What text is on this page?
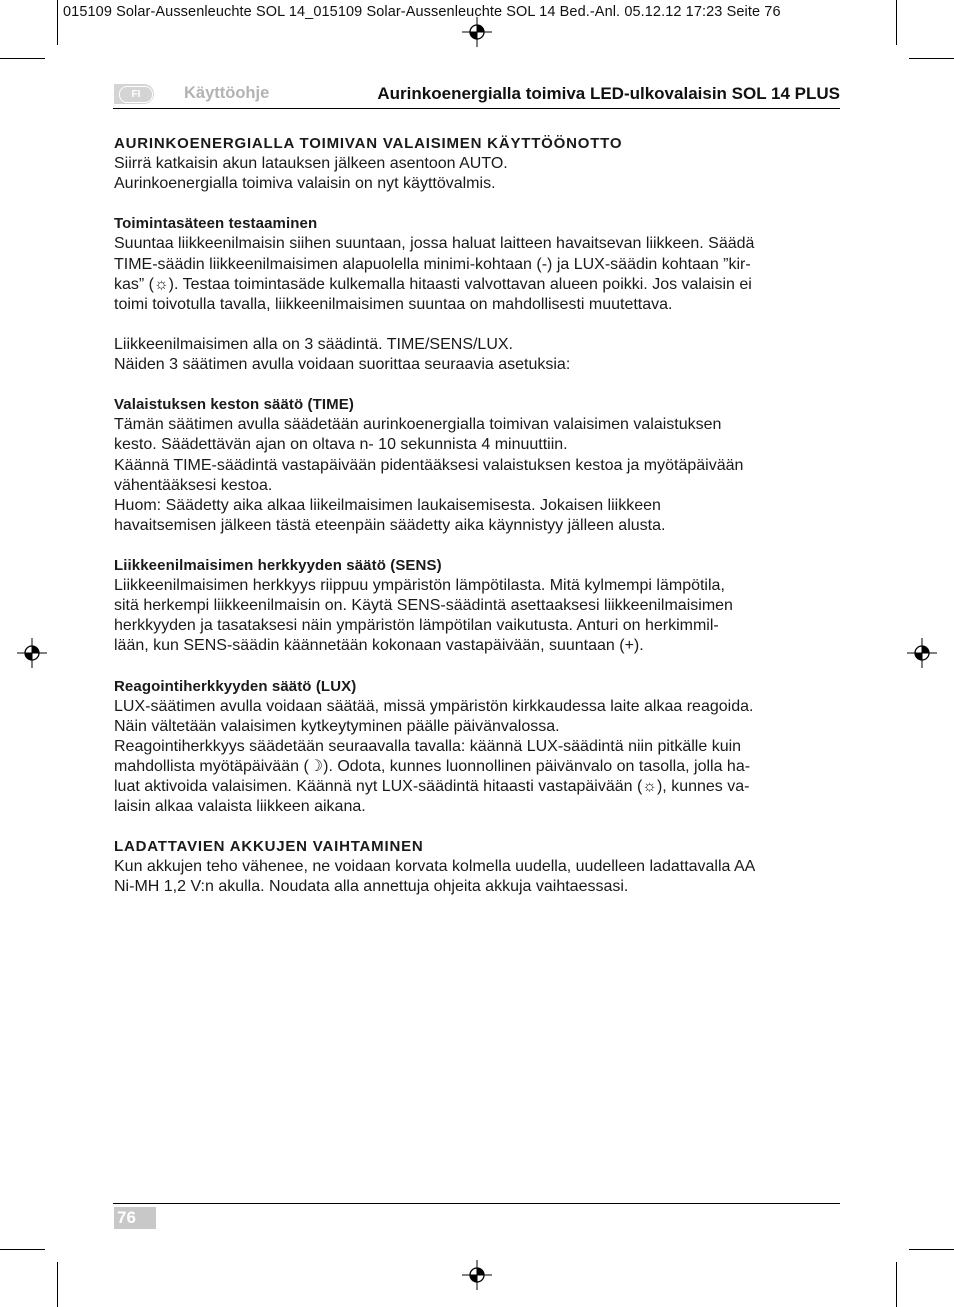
015109 Solar-Aussenleuchte SOL 14_015109 Solar-Aussenleuchte SOL 14 Bed.-Anl. 05.12.12 17:23 Seite 76
FI	Käyttöohje	Aurinkoenergialla toimiva LED-ulkovalaisin SOL 14 PLUS
AURINKOENERGIALLA TOIMIVAN VALAISIMEN KÄYTTÖÖNOTTO

Siirrä katkaisin akun latauksen jälkeen asentoon AUTO.

Aurinkoenergialla toimiva valaisin on nyt käyttövalmis.

Toimintasäteen testaaminen

Suuntaa liikkeenilmaisin siihen suuntaan, jossa haluat laitteen havaitsevan liikkeen. Säädä

TIME-säädin liikkeenilmaisimen alapuolella minimi-kohtaan (-) ja LUX-säädin kohtaan ”kir-

kas” (☼). Testaa toimintasäde kulkemalla hitaasti valvottavan alueen poikki. Jos valaisin ei

toimi toivotulla tavalla, liikkeenilmaisimen suuntaa on mahdollisesti muutettava.

Liikkeenilmaisimen alla on 3 säädintä. TIME/SENS/LUX.

Näiden 3 säätimen avulla voidaan suorittaa seuraavia asetuksia:

Valaistuksen keston säätö (TIME)

Tämän säätimen avulla säädetään aurinkoenergialla toimivan valaisimen valaistuksen

kesto. Säädettävän ajan on oltava n- 10 sekunnista 4 minuuttiin.

Käännä TIME-säädintä vastapäivään pidentääksesi valaistuksen kestoa ja myötäpäivään

vähentääksesi kestoa.

Huom: Säädetty aika alkaa liikeilmaisimen laukaisemisesta. Jokaisen liikkeen

havaitsemisen jälkeen tästä eteenpäin säädetty aika käynnistyy jälleen alusta.

Liikkeenilmaisimen herkkyyden säätö (SENS)

Liikkeenilmaisimen herkkyys riippuu ympäristön lämpötilasta. Mitä kylmempi lämpötila,

sitä herkempi liikkeenilmaisin on. Käytä SENS-säädintä asettaaksesi liikkeenilmaisimen

herkkyyden ja tasataksesi näin ympäristön lämpötilan vaikutusta. Anturi on herkimmil-

lään, kun SENS-säädin käännetään kokonaan vastapäivään, suuntaan (+).

Reagointiherkkyyden säätö (LUX)

LUX-säätimen avulla voidaan säätää, missä ympäristön kirkkaudessa laite alkaa reagoida.

Näin vältetään valaisimen kytkeytyminen päälle päivänvalossa.

Reagointiherkkyys säädetään seuraavalla tavalla: käännä LUX-säädintä niin pitkälle kuin

mahdollista myötäpäivään (☽). Odota, kunnes luonnollinen päivänvalo on tasolla, jolla ha-

luat aktivoida valaisimen. Käännä nyt LUX-säädintä hitaasti vastapäivään (☼), kunnes va-

laisin alkaa valaista liikkeen aikana.

LADATTAVIEN AKKUJEN VAIHTAMINEN

Kun akkujen teho vähenee, ne voidaan korvata kolmella uudella, uudelleen ladattavalla AA

Ni-MH 1,2 V:n akulla. Noudata alla annettuja ohjeita akkuja vaihtaessasi.

76
